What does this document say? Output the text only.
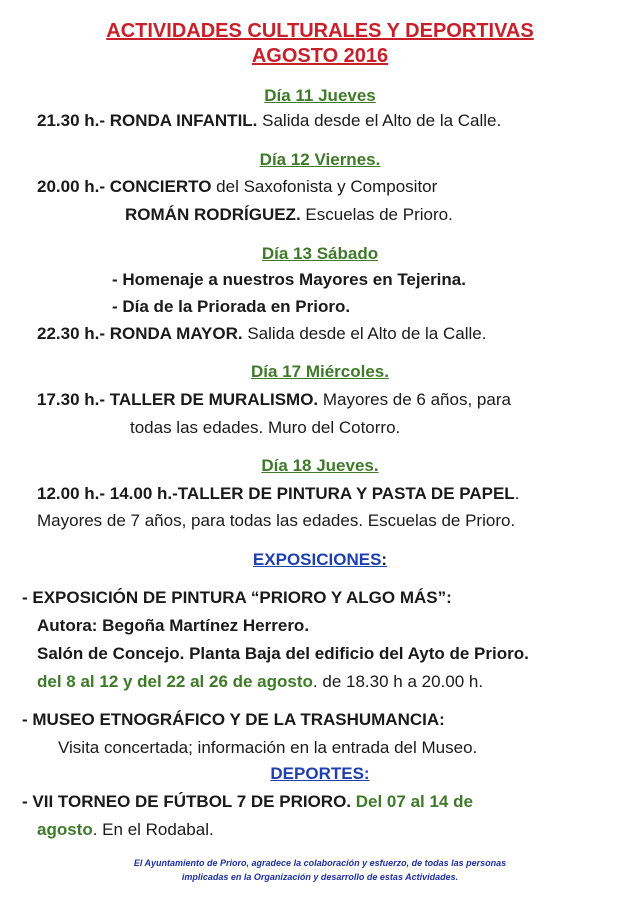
ACTIVIDADES CULTURALES Y DEPORTIVAS
AGOSTO 2016
Día 11 Jueves
21.30 h.- RONDA INFANTIL. Salida desde el Alto de la Calle.
Día 12 Viernes.
20.00 h.- CONCIERTO del Saxofonista y Compositor
ROMÁN RODRÍGUEZ. Escuelas de Prioro.
Día 13 Sábado
- Homenaje a nuestros Mayores en Tejerina.
- Día de la Priorada en Prioro.
22.30 h.- RONDA MAYOR. Salida desde el Alto de la Calle.
Día 17 Miércoles.
17.30 h.- TALLER DE MURALISMO. Mayores de 6 años, para
todas las edades. Muro del Cotorro.
Día 18 Jueves.
12.00 h.- 14.00 h.-TALLER DE PINTURA Y PASTA DE PAPEL.
Mayores de 7 años, para todas las edades. Escuelas de Prioro.
EXPOSICIONES:
- EXPOSICIÓN DE PINTURA “PRIORO Y ALGO MÁS”:
Autora: Begoña Martínez Herrero.
Salón de Concejo. Planta Baja del edificio del Ayto de Prioro.
del 8 al 12 y del 22 al 26 de agosto. de 18.30 h a 20.00 h.
- MUSEO ETNOGRÁFICO Y DE LA TRASHUMANCIA:
Visita concertada; información en la entrada del Museo.
DEPORTES:
- VII TORNEO DE FÚTBOL 7 DE PRIORO. Del 07 al 14 de
agosto. En el Rodabal.
El Ayuntamiento de Prioro, agradece la colaboración y esfuerzo, de todas las personas
implicadas en la Organización y desarrollo de estas Actividades.
